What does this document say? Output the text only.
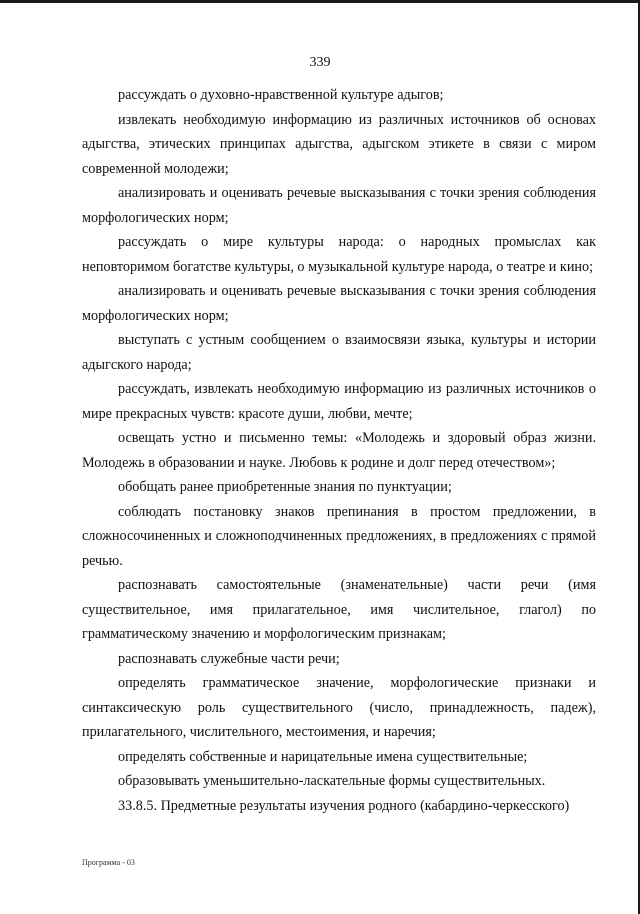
339

рассуждать о духовно-нравственной культуре адыгов;

извлекать необходимую информацию из различных источников об основах адыгства, этических принципах адыгства, адыгском этикете в связи с миром современной молодежи;

анализировать и оценивать речевые высказывания с точки зрения соблюдения морфологических норм;

рассуждать о мире культуры народа: о народных промыслах как неповторимом богатстве культуры, о музыкальной культуре народа, о театре и кино;

анализировать и оценивать речевые высказывания с точки зрения соблюдения морфологических норм;

выступать с устным сообщением о взаимосвязи языка, культуры и истории адыгского народа;

рассуждать, извлекать необходимую информацию из различных источников о мире прекрасных чувств: красоте души, любви, мечте;

освещать устно и письменно темы: «Молодежь и здоровый образ жизни. Молодежь в образовании и науке. Любовь к родине и долг перед отечеством»;

обобщать ранее приобретенные знания по пунктуации;

соблюдать постановку знаков препинания в простом предложении, в сложносочиненных и сложноподчиненных предложениях, в предложениях с прямой речью.

распознавать самостоятельные (знаменательные) части речи (имя существительное, имя прилагательное, имя числительное, глагол) по грамматическому значению и морфологическим признакам;

распознавать служебные части речи;

определять грамматическое значение, морфологические признаки и синтаксическую роль существительного (число, принадлежность, падеж), прилагательного, числительного, местоимения, и наречия;

определять собственные и нарицательные имена существительные;

образовывать уменьшительно-ласкательные формы существительных.

33.8.5. Предметные результаты изучения родного (кабардино-черкесского)

Программа - 03
